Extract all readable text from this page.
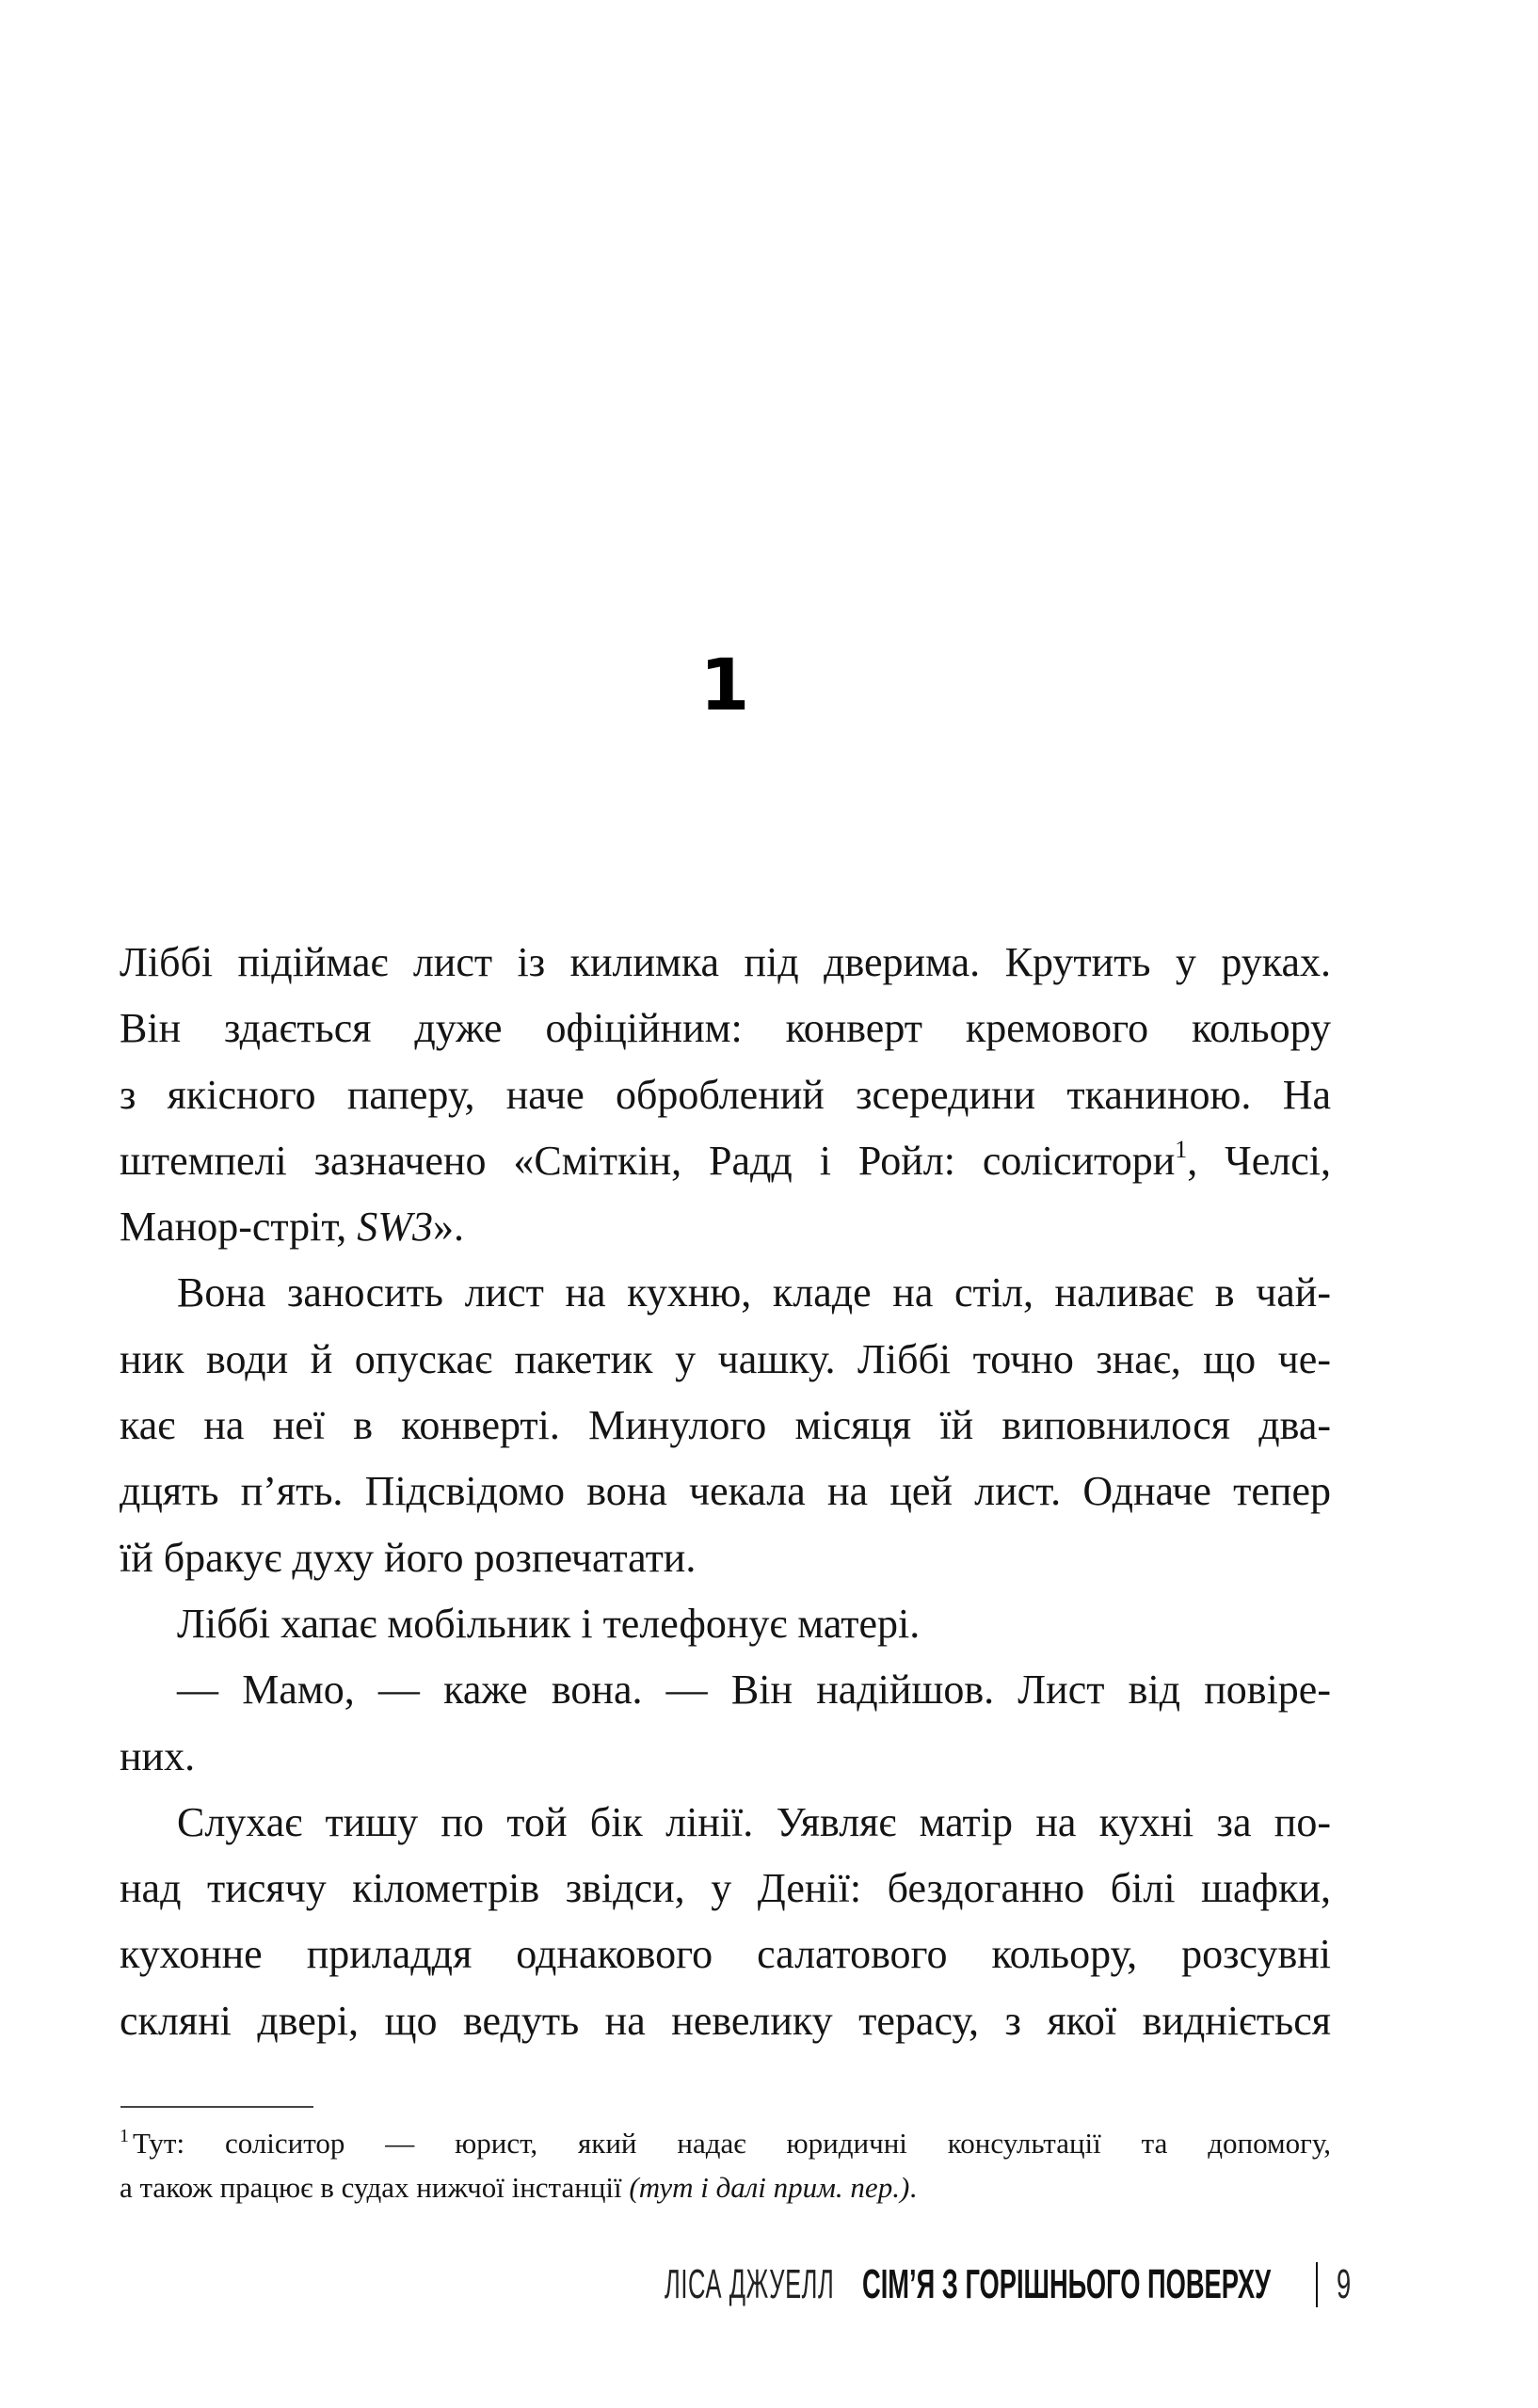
1
Ліббі підіймає лист із килимка під дверима. Крутить у руках.
Він здається дуже офіційним: конверт кремового кольору
з якісного паперу, наче оброблений зсередини тканиною. На
штемпелі зазначено «Сміткін, Радд і Ройл: соліситори$^1$, Челсі,
Манор-стріт, SW3».
Вона заносить лист на кухню, кладе на стіл, наливає в чай-
ник води й опускає пакетик у чашку. Ліббі точно знає, що че-
кає на неї в конверті. Минулого місяця їй виповнилося два-
дцять п’ять. Підсвідомо вона чекала на цей лист. Одначе тепер
їй бракує духу його розпечатати.
Ліббі хапає мобільник і телефонує матері.
— Мамо, — каже вона. — Він надійшов. Лист від повіре-
них.
Слухає тишу по той бік лінії. Уявляє матір на кухні за по-
над тисячу кілометрів звідси, у Денії: бездоганно білі шафки,
кухонне приладдя однакового салатового кольору, розсувні
скляні двері, що ведуть на невелику терасу, з якої видніється
$^1$ Тут: соліситор — юрист, який надає юридичні консультації та допомогу,
а також працює в судах нижчої інстанції (тут і далі прим. пер.).
ЛІСА ДЖУЕЛЛ СІМ’Я З ГОРІШНЬОГО ПОВЕРХУ 9
